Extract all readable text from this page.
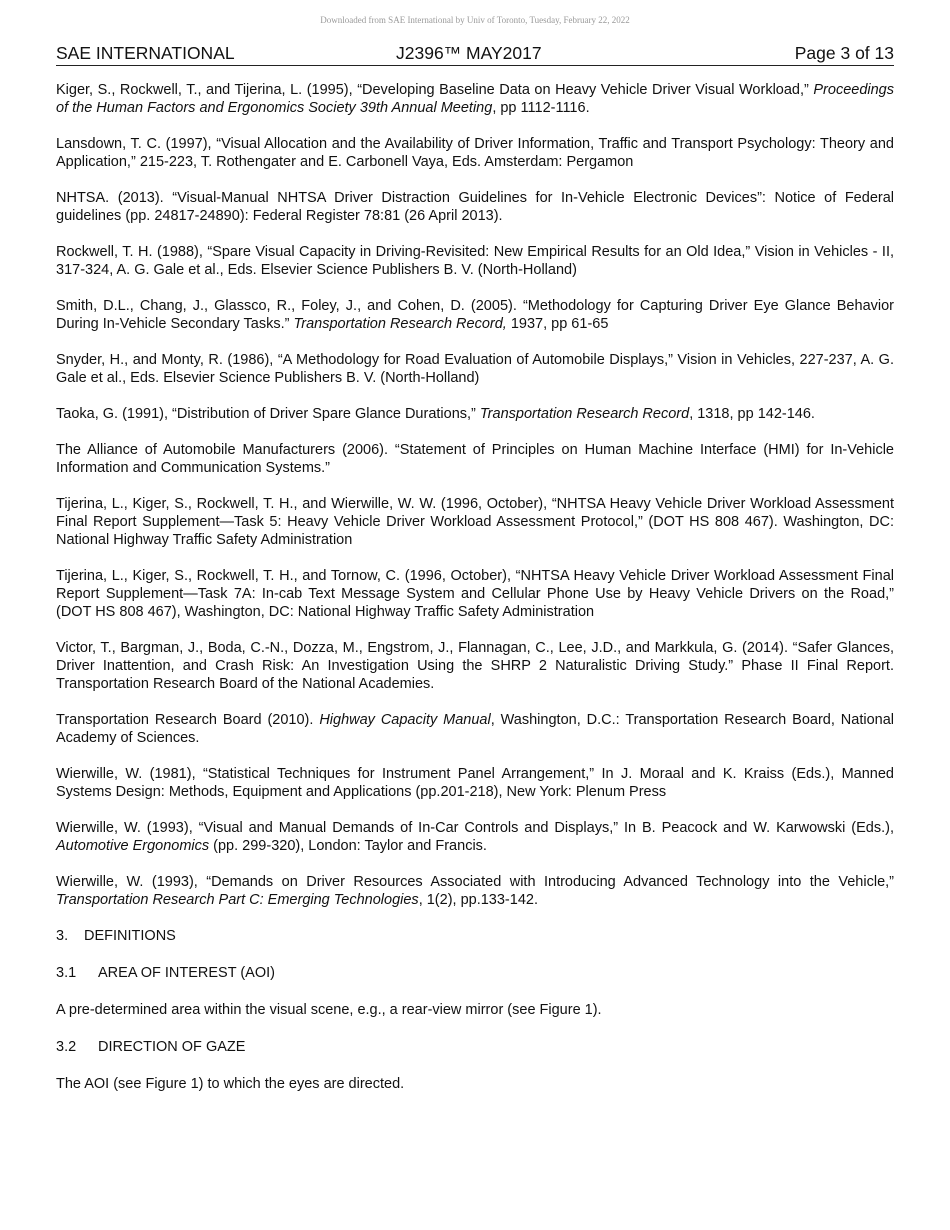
Downloaded from SAE International by Univ of Toronto, Tuesday, February 22, 2022
SAE INTERNATIONAL	J2396™ MAY2017	Page 3 of 13

Kiger, S., Rockwell, T., and Tijerina, L. (1995), “Developing Baseline Data on Heavy Vehicle Driver Visual Workload,” Proceedings of the Human Factors and Ergonomics Society 39th Annual Meeting, pp 1112-1116.

Lansdown, T. C. (1997), “Visual Allocation and the Availability of Driver Information, Traffic and Transport Psychology: Theory and Application,” 215-223, T. Rothengater and E. Carbonell Vaya, Eds. Amsterdam: Pergamon

NHTSA. (2013). “Visual-Manual NHTSA Driver Distraction Guidelines for In-Vehicle Electronic Devices”: Notice of Federal guidelines (pp. 24817-24890): Federal Register 78:81 (26 April 2013).

Rockwell, T. H. (1988), “Spare Visual Capacity in Driving-Revisited: New Empirical Results for an Old Idea,” Vision in Vehicles - II, 317-324, A. G. Gale et al., Eds. Elsevier Science Publishers B. V. (North-Holland)

Smith, D.L., Chang, J., Glassco, R., Foley, J., and Cohen, D. (2005). “Methodology for Capturing Driver Eye Glance Behavior During In-Vehicle Secondary Tasks.” Transportation Research Record, 1937, pp 61-65

Snyder, H., and Monty, R. (1986), “A Methodology for Road Evaluation of Automobile Displays,” Vision in Vehicles, 227-237, A. G. Gale et al., Eds. Elsevier Science Publishers B. V. (North-Holland)

Taoka, G. (1991), “Distribution of Driver Spare Glance Durations,” Transportation Research Record, 1318, pp 142-146.

The Alliance of Automobile Manufacturers (2006). “Statement of Principles on Human Machine Interface (HMI) for In-Vehicle Information and Communication Systems.”

Tijerina, L., Kiger, S., Rockwell, T. H., and Wierwille, W. W. (1996, October), “NHTSA Heavy Vehicle Driver Workload Assessment Final Report Supplement—Task 5: Heavy Vehicle Driver Workload Assessment Protocol,” (DOT HS 808 467). Washington, DC: National Highway Traffic Safety Administration

Tijerina, L., Kiger, S., Rockwell, T. H., and Tornow, C. (1996, October), “NHTSA Heavy Vehicle Driver Workload Assessment Final Report Supplement—Task 7A: In-cab Text Message System and Cellular Phone Use by Heavy Vehicle Drivers on the Road,” (DOT HS 808 467), Washington, DC: National Highway Traffic Safety Administration

Victor, T., Bargman, J., Boda, C.-N., Dozza, M., Engstrom, J., Flannagan, C., Lee, J.D., and Markkula, G. (2014). “Safer Glances, Driver Inattention, and Crash Risk: An Investigation Using the SHRP 2 Naturalistic Driving Study.” Phase II Final Report. Transportation Research Board of the National Academies.

Transportation Research Board (2010). Highway Capacity Manual, Washington, D.C.: Transportation Research Board, National Academy of Sciences.

Wierwille, W. (1981), “Statistical Techniques for Instrument Panel Arrangement,” In J. Moraal and K. Kraiss (Eds.), Manned Systems Design: Methods, Equipment and Applications (pp.201-218), New York: Plenum Press

Wierwille, W. (1993), “Visual and Manual Demands of In-Car Controls and Displays,” In B. Peacock and W. Karwowski (Eds.), Automotive Ergonomics (pp. 299-320), London: Taylor and Francis.

Wierwille, W. (1993), “Demands on Driver Resources Associated with Introducing Advanced Technology into the Vehicle,” Transportation Research Part C: Emerging Technologies, 1(2), pp.133-142.

3. DEFINITIONS

3.1 AREA OF INTEREST (AOI)

A pre-determined area within the visual scene, e.g., a rear-view mirror (see Figure 1).

3.2 DIRECTION OF GAZE

The AOI (see Figure 1) to which the eyes are directed.
